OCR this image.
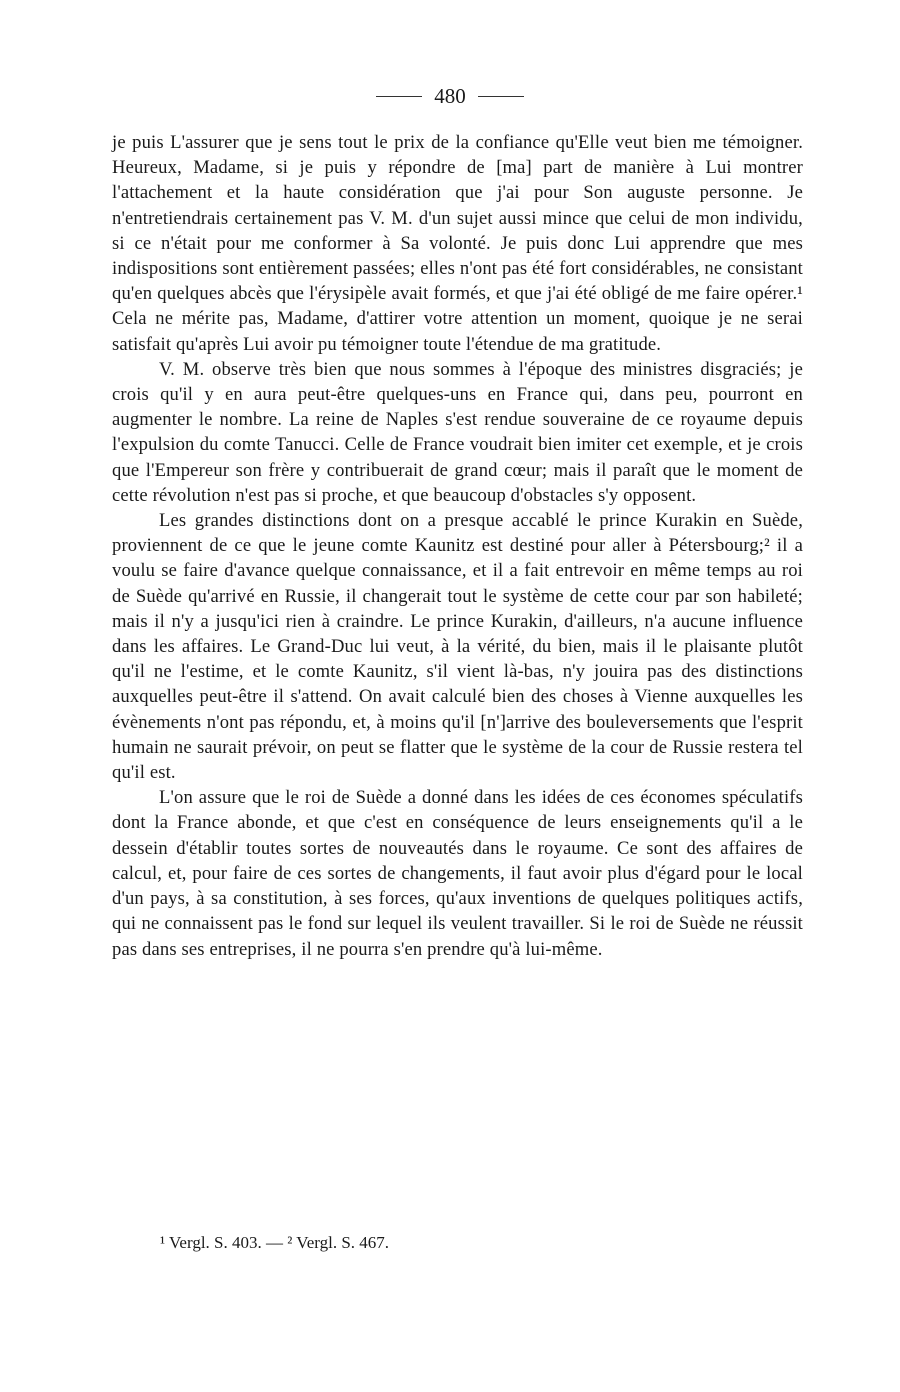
480

je puis L'assurer que je sens tout le prix de la confiance qu'Elle veut bien me témoigner. Heureux, Madame, si je puis y répondre de [ma] part de manière à Lui montrer l'attachement et la haute considération que j'ai pour Son auguste personne. Je n'entretiendrais certainement pas V. M. d'un sujet aussi mince que celui de mon individu, si ce n'était pour me conformer à Sa volonté. Je puis donc Lui apprendre que mes indispositions sont entièrement passées; elles n'ont pas été fort considérables, ne consistant qu'en quelques abcès que l'érysipèle avait formés, et que j'ai été obligé de me faire opérer.¹ Cela ne mérite pas, Madame, d'attirer votre attention un moment, quoique je ne serai satisfait qu'après Lui avoir pu témoigner toute l'étendue de ma gratitude.

V. M. observe très bien que nous sommes à l'époque des ministres disgraciés; je crois qu'il y en aura peut-être quelques-uns en France qui, dans peu, pourront en augmenter le nombre. La reine de Naples s'est rendue souveraine de ce royaume depuis l'expulsion du comte Tanucci. Celle de France voudrait bien imiter cet exemple, et je crois que l'Empereur son frère y contribuerait de grand cœur; mais il paraît que le moment de cette révolution n'est pas si proche, et que beaucoup d'obstacles s'y opposent.

Les grandes distinctions dont on a presque accablé le prince Kurakin en Suède, proviennent de ce que le jeune comte Kaunitz est destiné pour aller à Pétersbourg;² il a voulu se faire d'avance quelque connaissance, et il a fait entrevoir en même temps au roi de Suède qu'arrivé en Russie, il changerait tout le système de cette cour par son habileté; mais il n'y a jusqu'ici rien à craindre. Le prince Kurakin, d'ailleurs, n'a aucune influence dans les affaires. Le Grand-Duc lui veut, à la vérité, du bien, mais il le plaisante plutôt qu'il ne l'estime, et le comte Kaunitz, s'il vient là-bas, n'y jouira pas des distinctions auxquelles peut-être il s'attend. On avait calculé bien des choses à Vienne auxquelles les évènements n'ont pas répondu, et, à moins qu'il [n']arrive des bouleversements que l'esprit humain ne saurait prévoir, on peut se flatter que le système de la cour de Russie restera tel qu'il est.

L'on assure que le roi de Suède a donné dans les idées de ces économes spéculatifs dont la France abonde, et que c'est en conséquence de leurs enseignements qu'il a le dessein d'établir toutes sortes de nouveautés dans le royaume. Ce sont des affaires de calcul, et, pour faire de ces sortes de changements, il faut avoir plus d'égard pour le local d'un pays, à sa constitution, à ses forces, qu'aux inventions de quelques politiques actifs, qui ne connaissent pas le fond sur lequel ils veulent travailler. Si le roi de Suède ne réussit pas dans ses entreprises, il ne pourra s'en prendre qu'à lui-même.

¹ Vergl. S. 403. — ² Vergl. S. 467.
